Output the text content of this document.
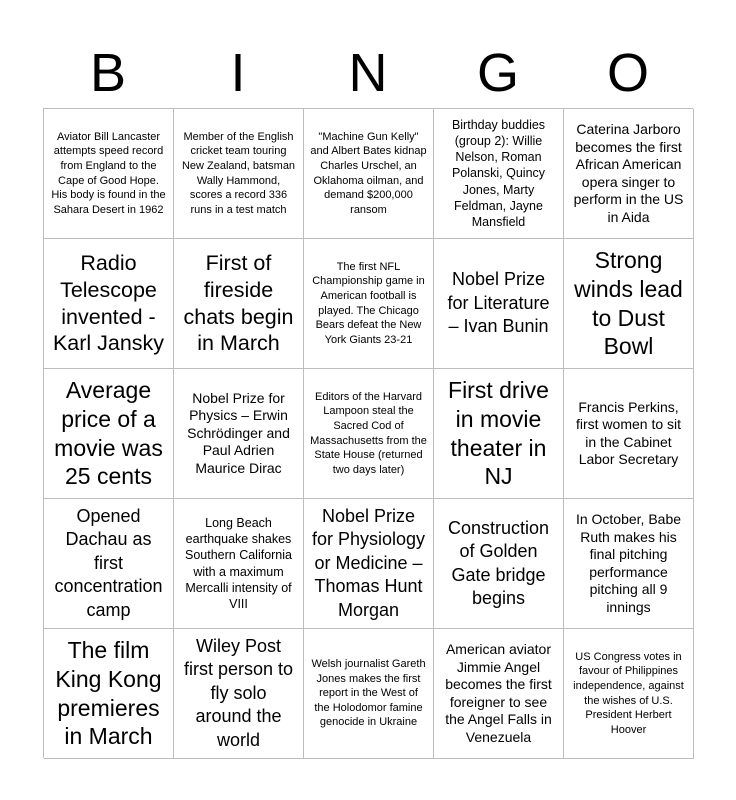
B	I	N	G	O
Aviator Bill Lancaster attempts speed record from England to the Cape of Good Hope. His body is found in the Sahara Desert in 1962
Member of the English cricket team touring New Zealand, batsman Wally Hammond, scores a record 336 runs in a test match
"Machine Gun Kelly" and Albert Bates kidnap Charles Urschel, an Oklahoma oilman, and demand $200,000 ransom
Birthday buddies (group 2): Willie Nelson, Roman Polanski, Quincy Jones, Marty Feldman, Jayne Mansfield
Caterina Jarboro becomes the first African American opera singer to perform in the US in Aida
Radio Telescope invented - Karl Jansky
First of fireside chats begin in March
The first NFL Championship game in American football is played. The Chicago Bears defeat the New York Giants 23-21
Nobel Prize for Literature – Ivan Bunin
Strong winds lead to Dust Bowl
Average price of a movie was 25 cents
Nobel Prize for Physics – Erwin Schrödinger and Paul Adrien Maurice Dirac
Editors of the Harvard Lampoon steal the Sacred Cod of Massachusetts from the State House (returned two days later)
First drive in movie theater in NJ
Francis Perkins, first women to sit in the Cabinet Labor Secretary
Opened Dachau as first concentration camp
Long Beach earthquake shakes Southern California with a maximum Mercalli intensity of VIII
Nobel Prize for Physiology or Medicine – Thomas Hunt Morgan
Construction of Golden Gate bridge begins
In October, Babe Ruth makes his final pitching performance pitching all 9 innings
The film King Kong premieres in March
Wiley Post first person to fly solo around the world
Welsh journalist Gareth Jones makes the first report in the West of the Holodomor famine genocide in Ukraine
American aviator Jimmie Angel becomes the first foreigner to see the Angel Falls in Venezuela
US Congress votes in favour of Philippines independence, against the wishes of U.S. President Herbert Hoover
